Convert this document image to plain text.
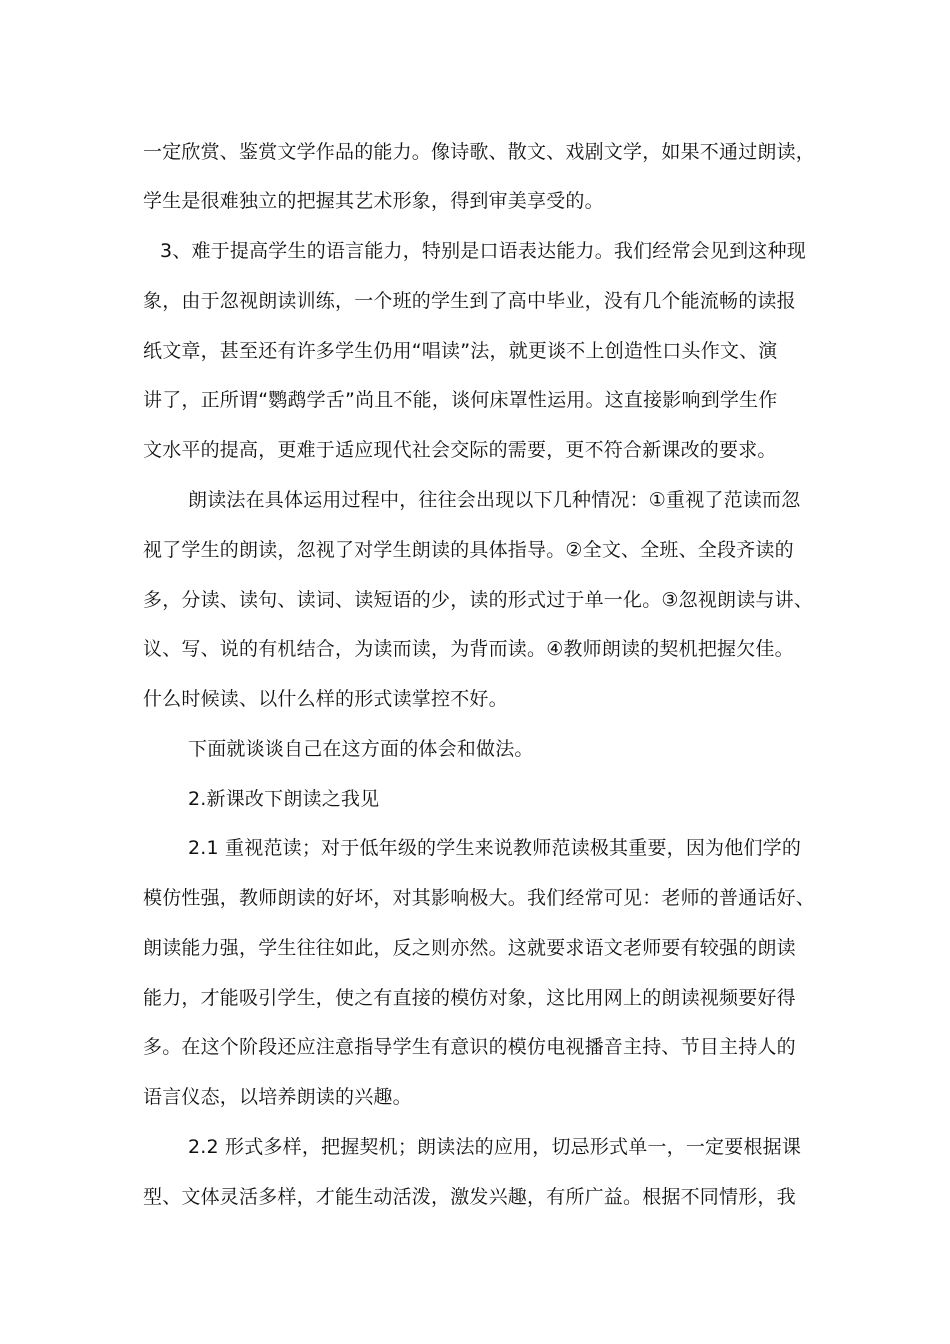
一定欣赏、鉴赏文学作品的能力。像诗歌、散文、戏剧文学，如果不通过朗读，

学生是很难独立的把握其艺术形象，得到审美享受的。

3、难于提高学生的语言能力，特别是口语表达能力。我们经常会见到这种现

象，由于忽视朗读训练，一个班的学生到了高中毕业，没有几个能流畅的读报

纸文章，甚至还有许多学生仍用“唱读”法，就更谈不上创造性口头作文、演

讲了，正所谓“鹦鹉学舌”尚且不能，谈何床罩性运用。这直接影响到学生作

文水平的提高，更难于适应现代社会交际的需要，更不符合新课改的要求。

朗读法在具体运用过程中，往往会出现以下几种情况：①重视了范读而忽

视了学生的朗读，忽视了对学生朗读的具体指导。②全文、全班、全段齐读的

多，分读、读句、读词、读短语的少，读的形式过于单一化。③忽视朗读与讲、

议、写、说的有机结合，为读而读，为背而读。④教师朗读的契机把握欠佳。

什么时候读、以什么样的形式读掌控不好。

下面就谈谈自己在这方面的体会和做法。

2.新课改下朗读之我见

2.1 重视范读；对于低年级的学生来说教师范读极其重要，因为他们学的

模仿性强，教师朗读的好坏，对其影响极大。我们经常可见：老师的普通话好、

朗读能力强，学生往往如此，反之则亦然。这就要求语文老师要有较强的朗读

能力，才能吸引学生，使之有直接的模仿对象，这比用网上的朗读视频要好得

多。在这个阶段还应注意指导学生有意识的模仿电视播音主持、节目主持人的

语言仪态，以培养朗读的兴趣。

2.2 形式多样，把握契机；朗读法的应用，切忌形式单一，一定要根据课

型、文体灵活多样，才能生动活泼，激发兴趣，有所广益。根据不同情形，我
